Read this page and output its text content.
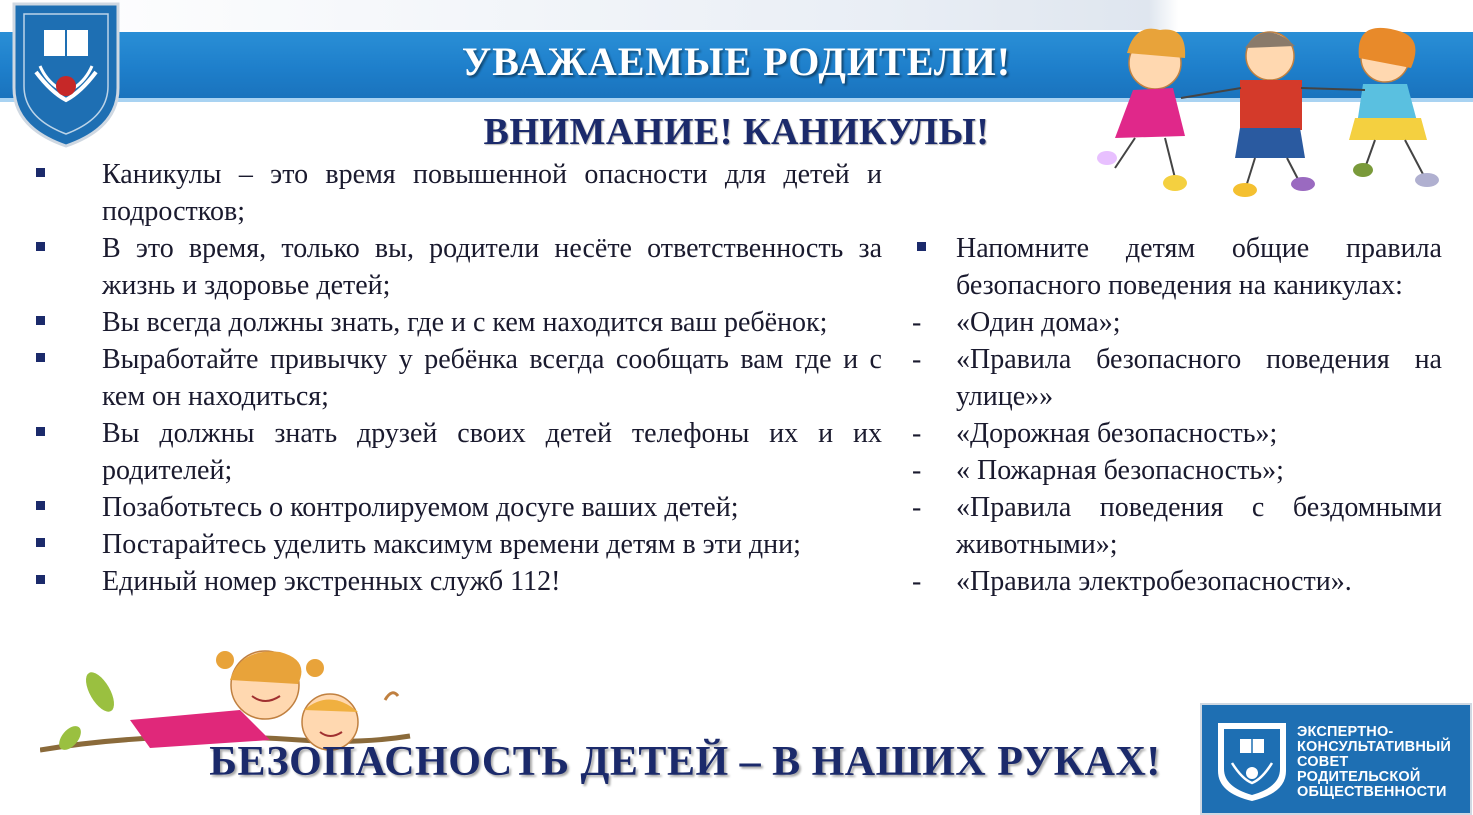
УВАЖАЕМЫЕ РОДИТЕЛИ!
ВНИМАНИЕ! КАНИКУЛЫ!
Каникулы – это время повышенной опасности для детей и подростков;
В это время, только вы, родители несёте ответственность за жизнь и здоровье детей;
Вы всегда должны знать, где и с кем находится ваш ребёнок;
Выработайте привычку у ребёнка всегда сообщать вам где и с кем он находиться;
Вы должны знать друзей своих детей телефоны их и их родителей;
Позаботьтесь о контролируемом досуге ваших детей;
Постарайтесь уделить максимум времени детям в эти дни;
Единый номер экстренных служб 112!
Напомните детям общие правила безопасного поведения на каникулах:
- «Один дома»;
- «Правила безопасного поведения на улице»»
- «Дорожная безопасность»;
- « Пожарная безопасность»;
- «Правила поведения с бездомными животными»;
- «Правила электробезопасности».
БЕЗОПАСНОСТЬ ДЕТЕЙ – В НАШИХ РУКАХ!
ЭКСПЕРТНО-
КОНСУЛЬТАТИВНЫЙ
СОВЕТ
РОДИТЕЛЬСКОЙ
ОБЩЕСТВЕННОСТИ
